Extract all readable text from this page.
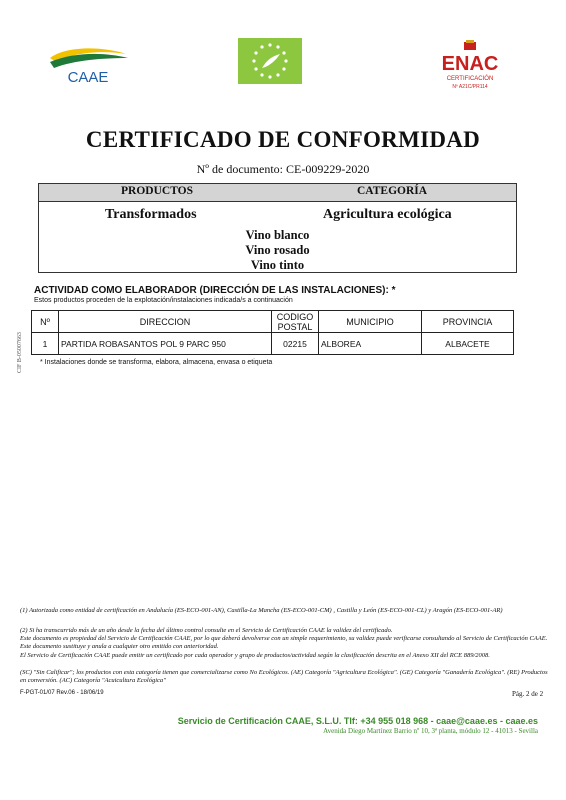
CAAE
ENAC
CERTIFICACIÓN
Nº A21C/PR114
CERTIFICADO DE CONFORMIDAD
Nº de documento: CE-009229-2020
PRODUCTOS	CATEGORÍA
Transformados	Agricultura ecológica
Vino blanco
Vino rosado
Vino tinto
ACTIVIDAD COMO ELABORADOR (DIRECCIÓN DE LAS INSTALACIONES): *
Estos productos proceden de la explotación/instalaciones indicada/s a continuación
CIF B-05007663
Nº	DIRECCION	CODIGO POSTAL	MUNICIPIO	PROVINCIA
1	PARTIDA ROBASANTOS POL 9 PARC 950	02215	ALBOREA	ALBACETE
* Instalaciones donde se transforma, elabora, almacena, envasa o etiqueta
(1) Autorizada como entidad de certificación en Andalucía (ES-ECO-001-AN), Castilla-La Mancha (ES-ECO-001-CM) , Castilla y León (ES-ECO-001-CL) y Aragón (ES-ECO-001-AR)
(2) Si ha transcurrido más de un año desde la fecha del último control consulte en el Servicio de Certificación CAAE la validez del certificado.
Este documento es propiedad del Servicio de Certificación CAAE, por lo que deberá devolverse con un simple requerimiento, su validez puede verificarse consultando al Servicio de Certificación CAAE. Este documento sustituye y anula a cualquier otro emitido con anterioridad.
El Servicio de Certificación CAAE puede emitir un certificado por cada operador y grupo de productos/actividad según la clasificación descrita en el Anexo XII del RCE 889/2008.
(SC) "Sin Calificar"; los productos con esta categoría tienen que comercializarse como No Ecológicos. (AE) Categoría "Agricultura Ecológica". (GE) Categoría "Ganadería Ecológica". (RE) Productos en conversión. (AC) Categoría "Acuicultura Ecológica"
F-PGT-01/07 Rev.06 - 18/06/19	Pág. 2 de 2
Servicio de Certificación CAAE, S.L.U. Tlf: +34 955 018 968 - caae@caae.es - caae.es
Avenida Diego Martínez Barrio nº 10, 3ª planta, módulo 12 - 41013 - Sevilla
